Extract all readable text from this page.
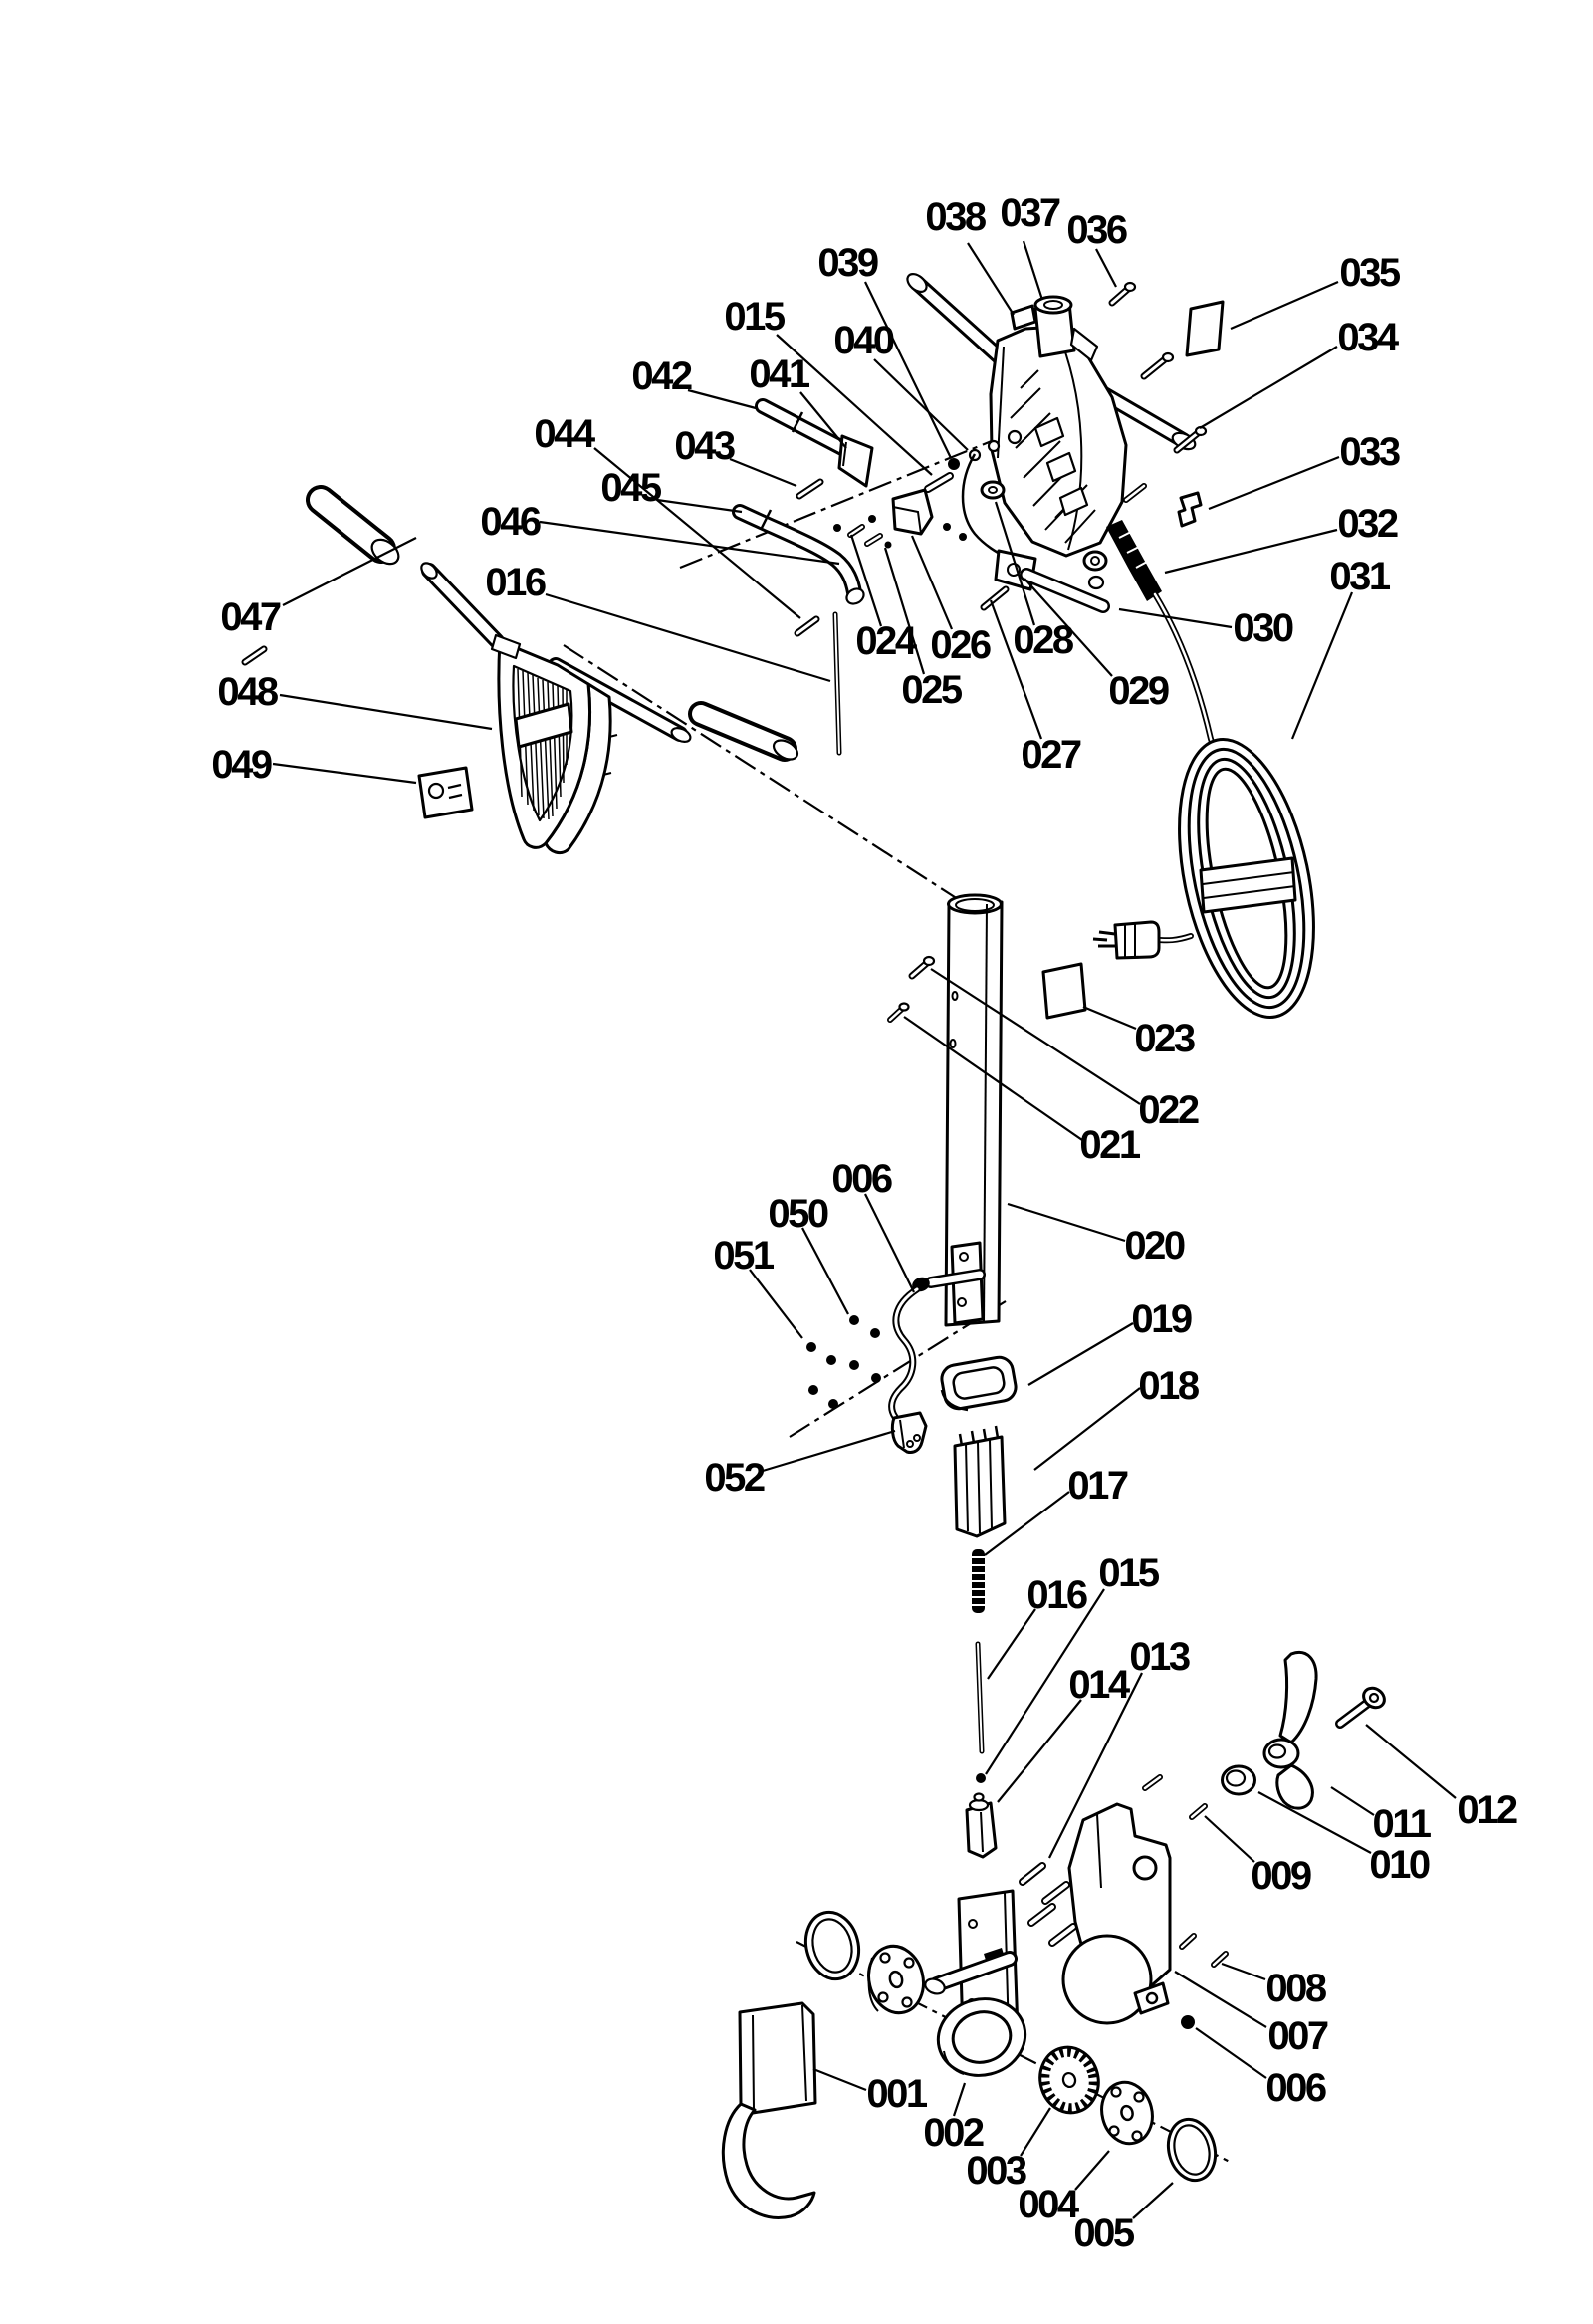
038 037 036
039
015
040
042 041
044 043
045
046
016
047
048
049
035
034
033
032
031
030
024 026 028
025	029
027
023
022
021
020
019
018
006
050
051
052	017
016 015
013
014
012
011
010
009
008
007
006
001
002
003
004
005
